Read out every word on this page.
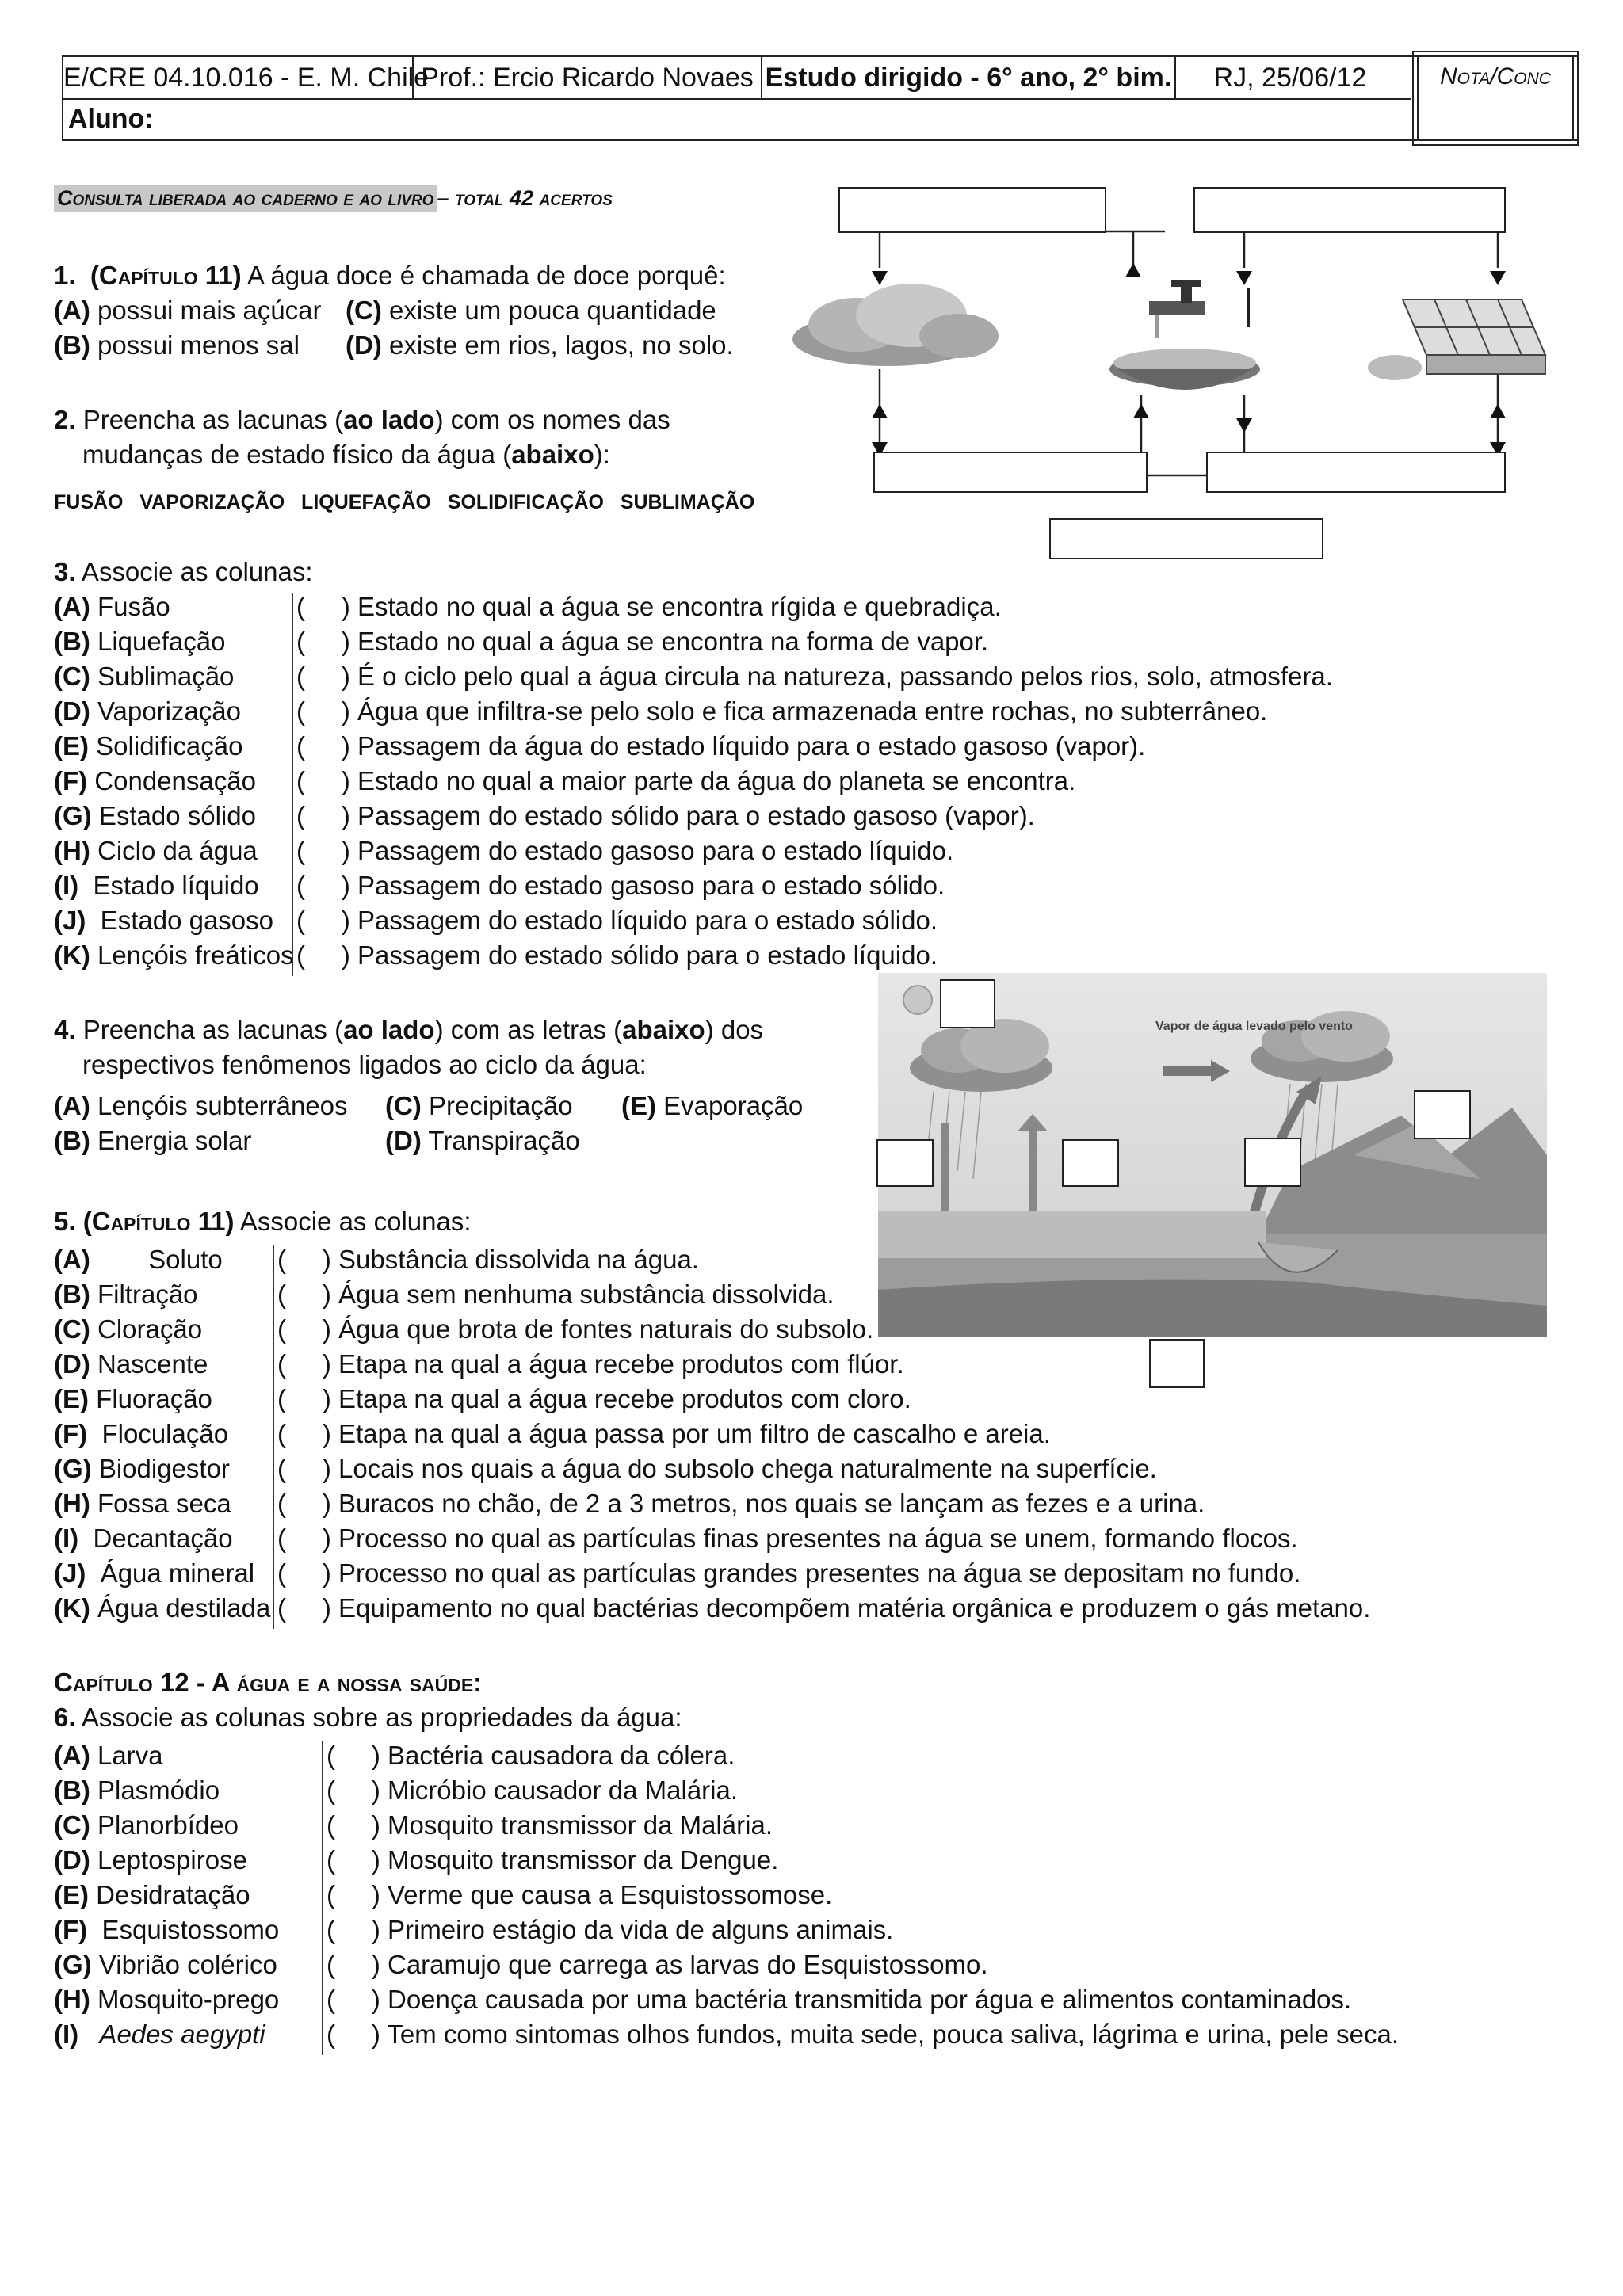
E/CRE 04.10.016 - E. M. Chile
Prof.: Ercio Ricardo Novaes Estudo dirigido - 6° ano, 2° bim.	RJ, 25/06/12
Aluno:
Nota/Conc
Consulta liberada ao caderno e ao livro – total 42 acertos
1. (Capítulo 11) A água doce é chamada de doce porquê:
(A) possui mais açúcar (C) existe um pouca quantidade
(B) possui menos sal (D) existe em rios, lagos, no solo.
2. Preencha as lacunas (ao lado) com os nomes das
mudanças de estado físico da água (abaixo):
FUSÃO   VAPORIZAÇÃO   LIQUEFAÇÃO   SOLIDIFICAÇÃO   SUBLIMAÇÃO
3. Associe as colunas:
(A) Fusão
(B) Liquefação
(C) Sublimação
(D) Vaporização
(E) Solidificação
(F) Condensação
(G) Estado sólido
(H) Ciclo da água
(I)  Estado líquido
(J)  Estado gasoso
(K) Lençóis freáticos
(     ) Estado no qual a água se encontra rígida e quebradiça.
(     ) Estado no qual a água se encontra na forma de vapor.
(     ) É o ciclo pelo qual a água circula na natureza, passando pelos rios, solo, atmosfera.
(     ) Água que infiltra-se pelo solo e fica armazenada entre rochas, no subterrâneo.
(     ) Passagem da água do estado líquido para o estado gasoso (vapor).
(     ) Estado no qual a maior parte da água do planeta se encontra.
(     ) Passagem do estado sólido para o estado gasoso (vapor).
(     ) Passagem do estado gasoso para o estado líquido.
(     ) Passagem do estado gasoso para o estado sólido.
(     ) Passagem do estado líquido para o estado sólido.
(     ) Passagem do estado sólido para o estado líquido.
4. Preencha as lacunas (ao lado) com as letras (abaixo) dos
respectivos fenômenos ligados ao ciclo da água:
(A) Lençóis subterrâneos
(B) Energia solar
(C) Precipitação
(D) Transpiração
(E) Evaporação
Vapor de água levado pelo vento
5. (Capítulo 11) Associe as colunas:
(A)        Soluto
(B) Filtração
(C) Cloração
(D) Nascente
(E) Fluoração
(F)  Floculação
(G) Biodigestor
(H) Fossa seca
(I)  Decantação
(J)  Água mineral
(K) Água destilada
(     ) Substância dissolvida na água.
(     ) Água sem nenhuma substância dissolvida.
(     ) Água que brota de fontes naturais do subsolo.
(     ) Etapa na qual a água recebe produtos com flúor.
(     ) Etapa na qual a água recebe produtos com cloro.
(     ) Etapa na qual a água passa por um filtro de cascalho e areia.
(     ) Locais nos quais a água do subsolo chega naturalmente na superfície.
(     ) Buracos no chão, de 2 a 3 metros, nos quais se lançam as fezes e a urina.
(     ) Processo no qual as partículas finas presentes na água se unem, formando flocos.
(     ) Processo no qual as partículas grandes presentes na água se depositam no fundo.
(     ) Equipamento no qual bactérias decompõem matéria orgânica e produzem o gás metano.
Capítulo 12 - A água e a nossa saúde:
6. Associe as colunas sobre as propriedades da água:
(A) Larva
(B) Plasmódio
(C) Planorbídeo
(D) Leptospirose
(E) Desidratação
(F)  Esquistossomo
(G) Vibrião colérico
(H) Mosquito-prego
(I)   Aedes aegypti
(     ) Bactéria causadora da cólera.
(     ) Micróbio causador da Malária.
(     ) Mosquito transmissor da Malária.
(     ) Mosquito transmissor da Dengue.
(     ) Verme que causa a Esquistossomose.
(     ) Primeiro estágio da vida de alguns animais.
(     ) Caramujo que carrega as larvas do Esquistossomo.
(     ) Doença causada por uma bactéria transmitida por água e alimentos contaminados.
(     ) Tem como sintomas olhos fundos, muita sede, pouca saliva, lágrima e urina, pele seca.
